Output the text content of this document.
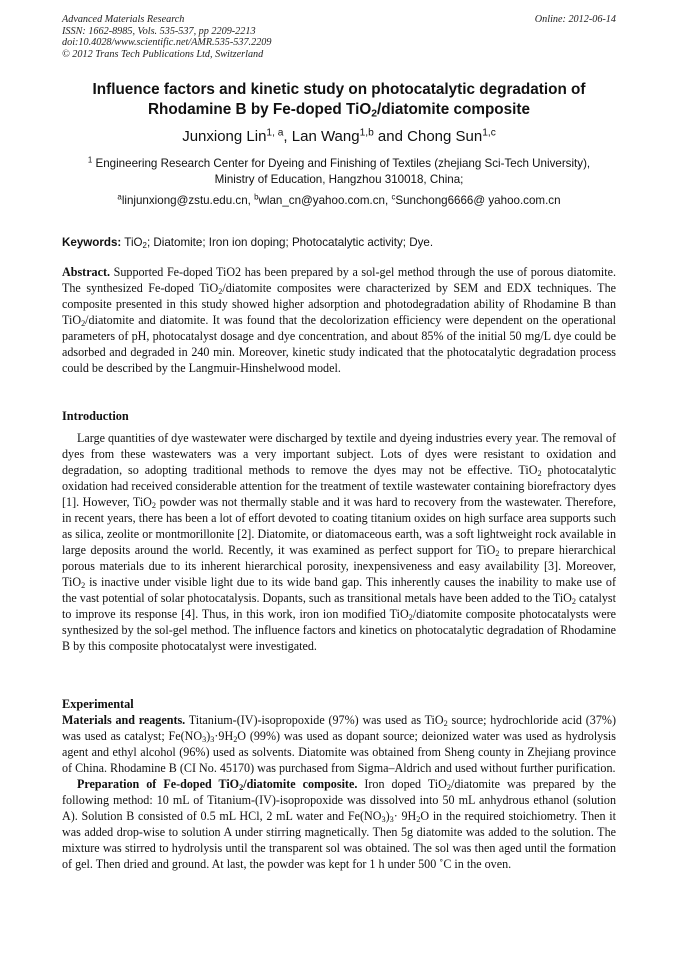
Advanced Materials Research
ISSN: 1662-8985, Vols. 535-537, pp 2209-2213
doi:10.4028/www.scientific.net/AMR.535-537.2209
© 2012 Trans Tech Publications Ltd, Switzerland
Online: 2012-06-14
Influence factors and kinetic study on photocatalytic degradation of
Rhodamine B by Fe-doped TiO$_2$/diatomite composite
Junxiong Lin$^{1, a}$, Lan Wang$^{1,b}$ and Chong Sun$^{1,c}$
$^1$ Engineering Research Center for Dyeing and Finishing of Textiles (zhejiang Sci-Tech University),
Ministry of Education, Hangzhou 310018, China;
$^a$linjunxiong@zstu.edu.cn, $^b$wlan_cn@yahoo.com.cn, $^c$Sunchong6666@ yahoo.com.cn
Keywords: TiO$_2$; Diatomite; Iron ion doping; Photocatalytic activity; Dye.

Abstract. Supported Fe-doped TiO2 has been prepared by a sol-gel method through the use of porous diatomite. The synthesized Fe-doped TiO$_2$/diatomite composites were characterized by SEM and EDX techniques. The composite presented in this study showed higher adsorption and photodegradation ability of Rhodamine B than TiO$_2$/diatomite and diatomite. It was found that the decolorization efficiency were dependent on the operational parameters of pH, photocatalyst dosage and dye concentration, and about 85% of the initial 50 mg/L dye could be adsorbed and degraded in 240 min. Moreover, kinetic study indicated that the photocatalytic degradation process could be described by the Langmuir-Hinshelwood model.

Introduction

Large quantities of dye wastewater were discharged by textile and dyeing industries every year. The removal of dyes from these wastewaters was a very important subject. Lots of dyes were resistant to oxidation and degradation, so adopting traditional methods to remove the dyes may not be effective. TiO$_2$ photocatalytic oxidation had received considerable attention for the treatment of textile wastewater containing biorefractory dyes [1]. However, TiO$_2$ powder was not thermally stable and it was hard to recovery from the wastewater. Therefore, in recent years, there has been a lot of effort devoted to coating titanium oxides on high surface area supports such as silica, zeolite or montmorillonite [2]. Diatomite, or diatomaceous earth, was a soft lightweight rock available in large deposits around the world. Recently, it was examined as perfect support for TiO$_2$ to prepare hierarchical porous materials due to its inherent hierarchical porosity, inexpensiveness and easy availability [3]. Moreover, TiO$_2$ is inactive under visible light due to its wide band gap. This inherently causes the inability to make use of the vast potential of solar photocatalysis. Dopants, such as transitional metals have been added to the TiO$_2$ catalyst to improve its response [4]. Thus, in this work, iron ion modified TiO$_2$/diatomite composite photocatalysts were synthesized by the sol-gel method. The influence factors and kinetics on photocatalytic degradation of Rhodamine B by this composite photocatalyst were investigated.

Experimental

Materials and reagents. Titanium-(IV)-isopropoxide (97%) was used as TiO$_2$ source; hydrochloride acid (37%) was used as catalyst; $Fe(NO_3)_3\cdot 9H_2O$ (99%) was used as dopant source; deionized water was used as hydrolysis agent and ethyl alcohol (96%) used as solvents. Diatomite was obtained from Sheng county in Zhejiang province of China. Rhodamine B (CI No. 45170) was purchased from Sigma–Aldrich and used without further purification.

Preparation of Fe-doped TiO$_2$/diatomite composite. Iron doped TiO$_2$/diatomite was prepared by the following method: 10 mL of Titanium-(IV)-isopropoxide was dissolved into 50 mL anhydrous ethanol (solution A). Solution B consisted of 0.5 mL HCl, 2 mL water and $Fe(NO_3)_3\cdot 9H_2O$ in the required stoichiometry. Then it was added drop-wise to solution A under stirring magnetically. Then 5g diatomite was added to the solution. The mixture was stirred to hydrolysis until the transparent sol was obtained. The sol was then aged until the formation of gel. Then dried and ground. At last, the powder was kept for 1 h under 500 ˚C in the oven.
